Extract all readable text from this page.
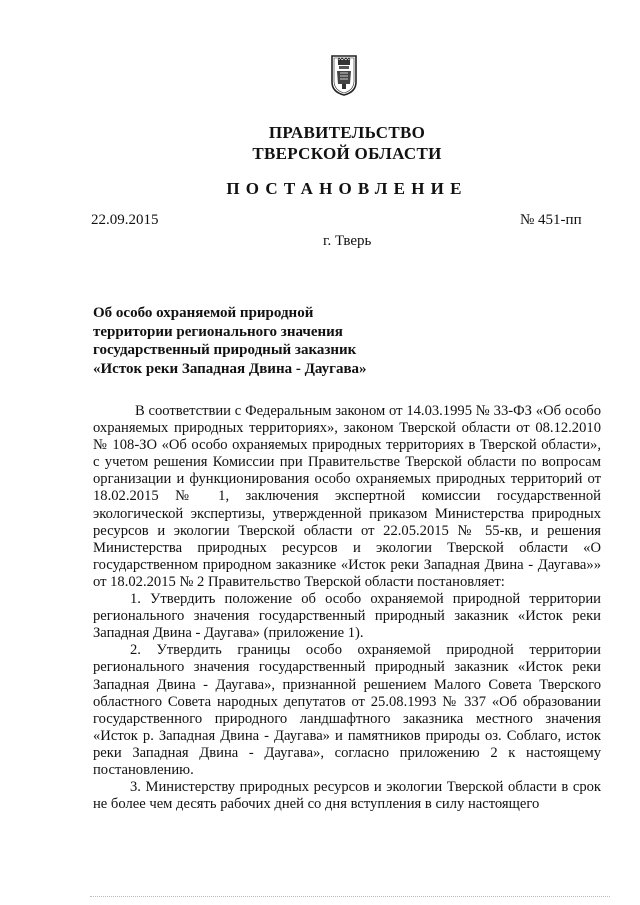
ПРАВИТЕЛЬСТВО
ТВЕРСКОЙ ОБЛАСТИ
ПОСТАНОВЛЕНИЕ
22.09.2015	№ 451-пп
г. Тверь
Об особо охраняемой природной
территории регионального значения
государственный природный заказник
«Исток реки Западная Двина - Даугава»

В соответствии с Федеральным законом от 14.03.1995 № 33-ФЗ «Об особо охраняемых природных территориях», законом Тверской области от 08.12.2010 № 108-ЗО «Об особо охраняемых природных территориях в Тверской области», с учетом решения Комиссии при Правительстве Тверской области по вопросам организации и функционирования особо охраняемых природных территорий от 18.02.2015 № 1, заключения экспертной комиссии государственной экологической экспертизы, утвержденной приказом Министерства природных ресурсов и экологии Тверской области от 22.05.2015 № 55-кв, и решения Министерства природных ресурсов и экологии Тверской области «О государственном природном заказнике «Исток реки Западная Двина - Даугава»» от 18.02.2015 № 2 Правительство Тверской области постановляет:

1. Утвердить положение об особо охраняемой природной территории регионального значения государственный природный заказник «Исток реки Западная Двина - Даугава» (приложение 1).

2. Утвердить границы особо охраняемой природной территории регионального значения государственный природный заказник «Исток реки Западная Двина - Даугава», признанной решением Малого Совета Тверского областного Совета народных депутатов от 25.08.1993 № 337 «Об образовании государственного природного ландшафтного заказника местного значения «Исток р. Западная Двина - Даугава» и памятников природы оз. Соблаго, исток реки Западная Двина - Даугава», согласно приложению 2 к настоящему постановлению.

3. Министерству природных ресурсов и экологии Тверской области в срок не более чем десять рабочих дней со дня вступления в силу настоящего
